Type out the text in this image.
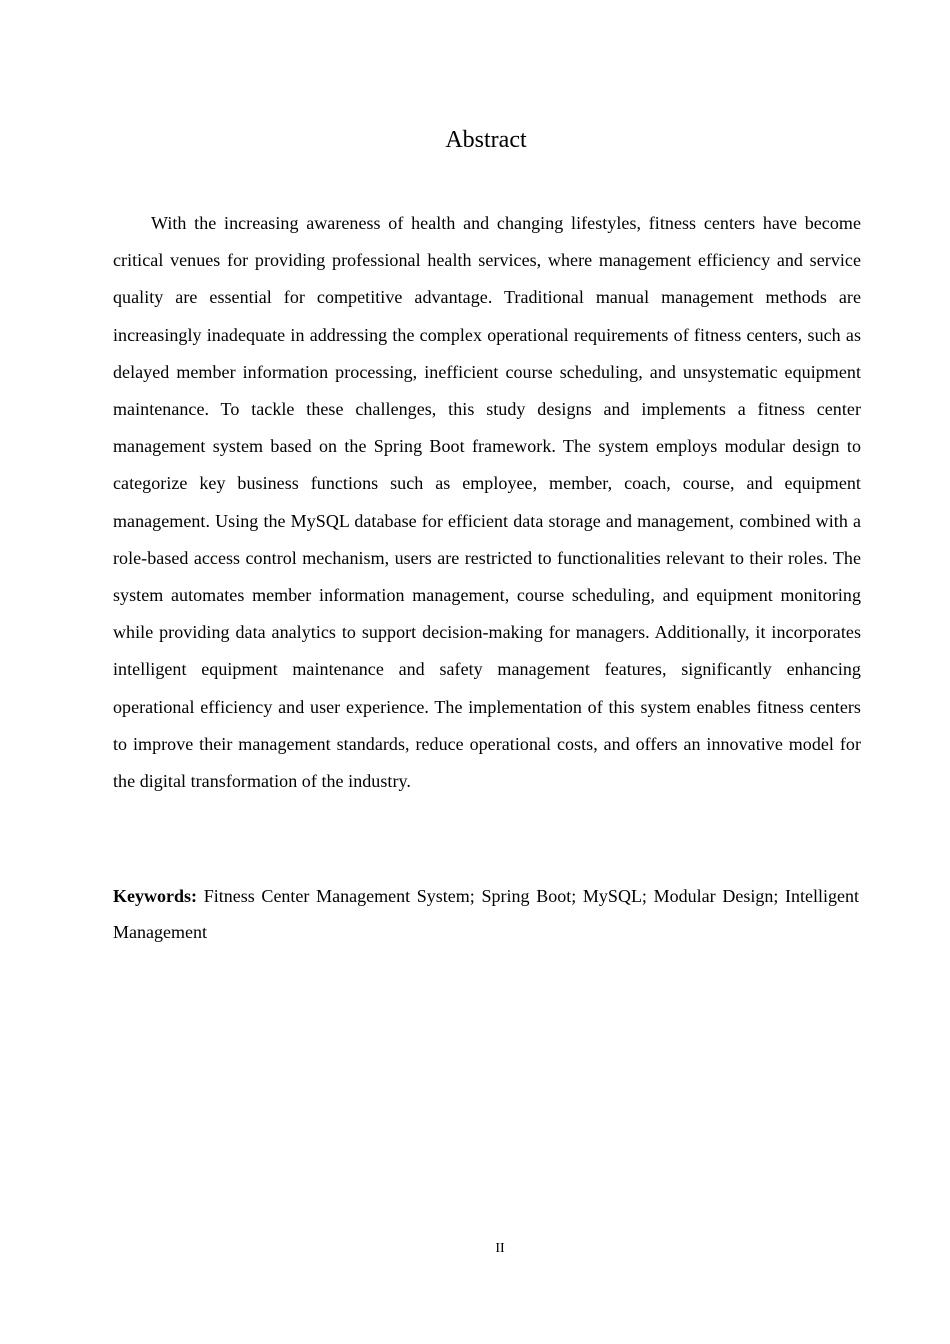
Abstract

With the increasing awareness of health and changing lifestyles, fitness centers have become critical venues for providing professional health services, where management efficiency and service quality are essential for competitive advantage. Traditional manual management methods are increasingly inadequate in addressing the complex operational requirements of fitness centers, such as delayed member information processing, inefficient course scheduling, and unsystematic equipment maintenance. To tackle these challenges, this study designs and implements a fitness center management system based on the Spring Boot framework. The system employs modular design to categorize key business functions such as employee, member, coach, course, and equipment management. Using the MySQL database for efficient data storage and management, combined with a role-based access control mechanism, users are restricted to functionalities relevant to their roles. The system automates member information management, course scheduling, and equipment monitoring while providing data analytics to support decision-making for managers. Additionally, it incorporates intelligent equipment maintenance and safety management features, significantly enhancing operational efficiency and user experience. The implementation of this system enables fitness centers to improve their management standards, reduce operational costs, and offers an innovative model for the digital transformation of the industry.

Keywords: Fitness Center Management System; Spring Boot; MySQL; Modular Design; Intelligent Management

II
